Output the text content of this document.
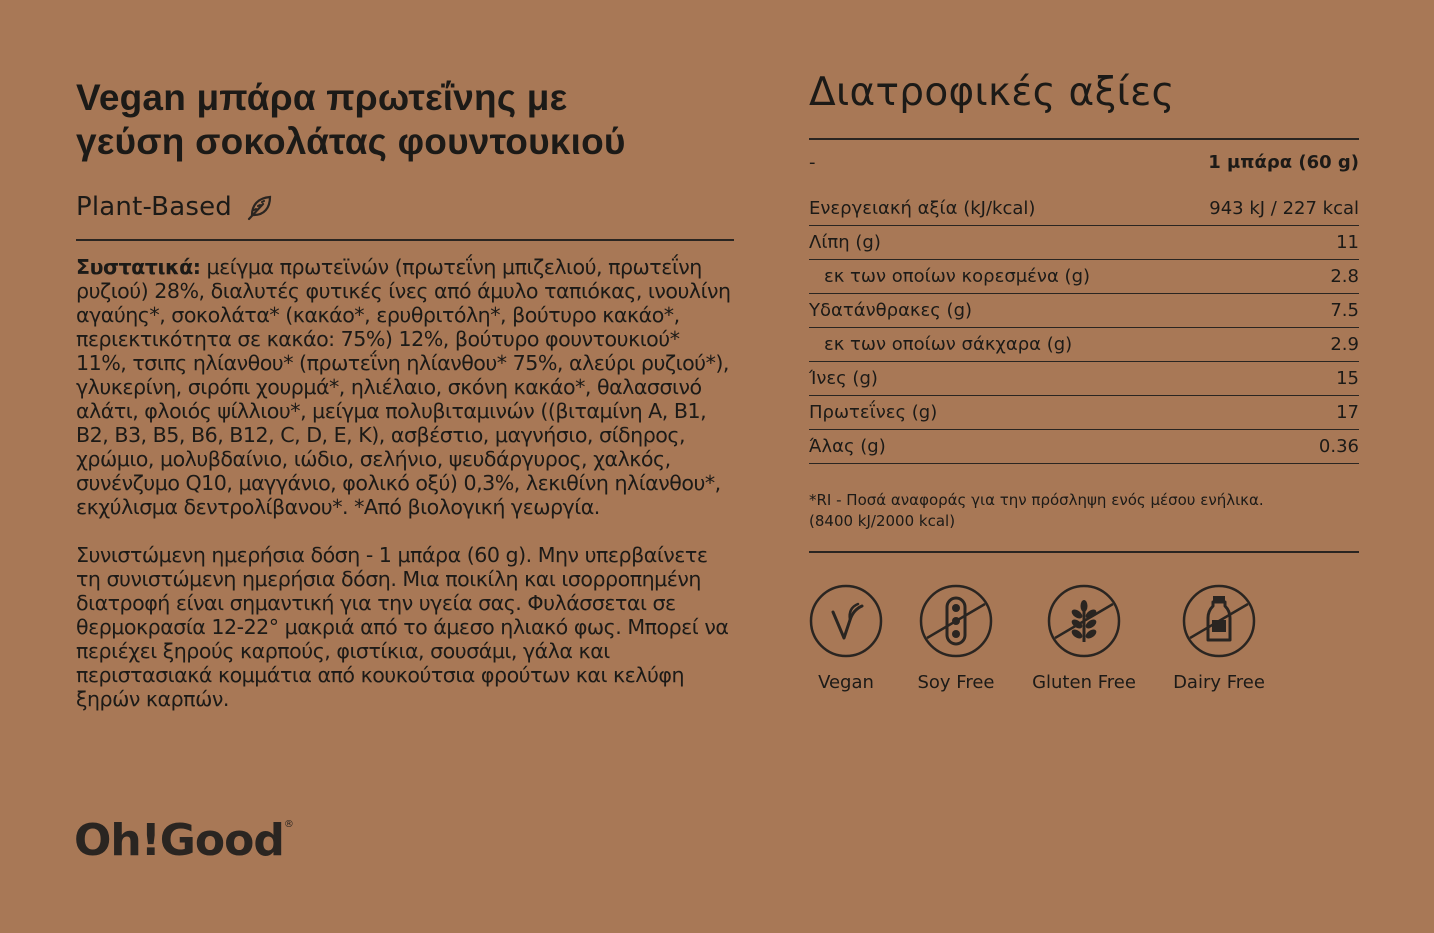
Vegan μπάρα πρωτεΐνης με
γεύση σοκολάτας φουντουκιού
Plant-Based
Συστατικά: μείγμα πρωτεϊνών (πρωτεΐνη μπιζελιού, πρωτεΐνη ρυζιού) 28%, διαλυτές φυτικές ίνες από άμυλο ταπιόκας, ινουλίνη αγαύης*, σοκολάτα* (κακάο*, ερυθριτόλη*, βούτυρο κακάο*, περιεκτικότητα σε κακάο: 75%) 12%, βούτυρο φουντουκιού* 11%, τσιπς ηλίανθου* (πρωτεΐνη ηλίανθου* 75%, αλεύρι ρυζιού*), γλυκερίνη, σιρόπι χουρμά*, ηλιέλαιο, σκόνη κακάο*, θαλασσινό αλάτι, φλοιός ψίλλιου*, μείγμα πολυβιταμινών ((βιταμίνη A, B1, B2, B3, B5, B6, B12, C, D, E, K), ασβέστιο, μαγνήσιο, σίδηρος, χρώμιο, μολυβδαίνιο, ιώδιο, σελήνιο, ψευδάργυρος, χαλκός, συνένζυμο Q10, μαγγάνιο, φολικό οξύ) 0,3%, λεκιθίνη ηλίανθου*, εκχύλισμα δεντρολίβανου*. *Από βιολογική γεωργία.
Συνιστώμενη ημερήσια δόση - 1 μπάρα (60 g). Μην υπερβαίνετε τη συνιστώμενη ημερήσια δόση. Μια ποικίλη και ισορροπημένη διατροφή είναι σημαντική για την υγεία σας. Φυλάσσεται σε θερμοκρασία 12-22° μακριά από το άμεσο ηλιακό φως. Μπορεί να περιέχει ξηρούς καρπούς, φιστίκια, σουσάμι, γάλα και περιστασιακά κομμάτια από κουκούτσια φρούτων και κελύφη ξηρών καρπών.
Oh!Good®
Διατροφικές αξίες
-	1 μπάρα (60 g)
Ενεργειακή αξία (kJ/kcal)	943 kJ / 227 kcal
Λίπη (g)	11
εκ των οποίων κορεσμένα (g)	2.8
Υδατάνθρακες (g)	7.5
εκ των οποίων σάκχαρα (g)	2.9
Ίνες (g)	15
Πρωτεΐνες (g)	17
Άλας (g)	0.36
*RI - Ποσά αναφοράς για την πρόσληψη ενός μέσου ενήλικα.
(8400 kJ/2000 kcal)
Vegan	Soy Free Gluten Free Dairy Free
